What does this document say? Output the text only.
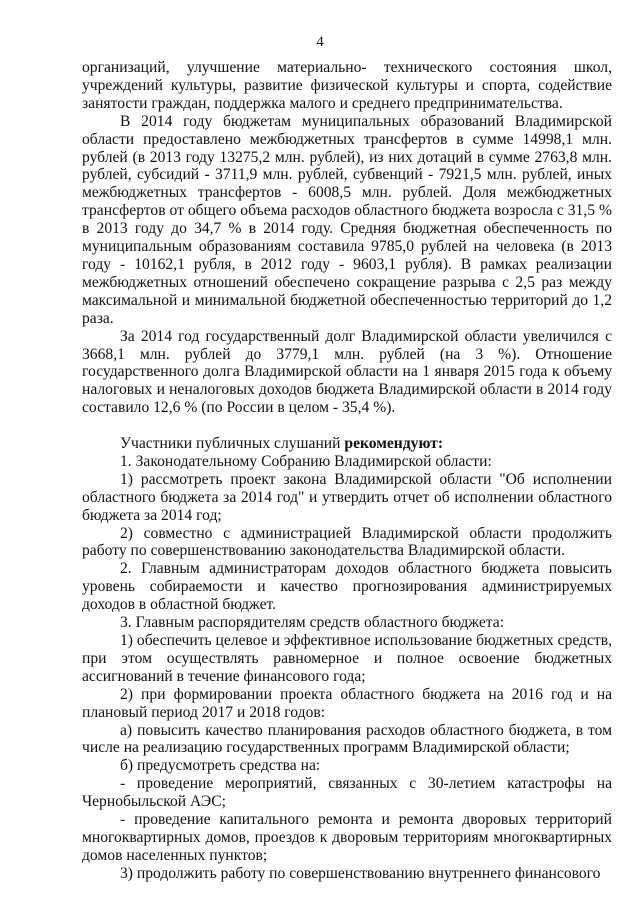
4

организаций, улучшение материально- технического состояния школ, учреждений культуры, развитие физической культуры и спорта, содействие занятости граждан, поддержка малого и среднего предпринимательства.

В 2014 году бюджетам муниципальных образований Владимирской области предоставлено межбюджетных трансфертов в сумме 14998,1 млн. рублей (в 2013 году 13275,2 млн. рублей), из них дотаций в сумме 2763,8 млн. рублей, субсидий - 3711,9 млн. рублей, субвенций - 7921,5 млн. рублей, иных межбюджетных трансфертов - 6008,5 млн. рублей. Доля межбюджетных трансфертов от общего объема расходов областного бюджета возросла с 31,5 % в 2013 году до 34,7 % в 2014 году. Средняя бюджетная обеспеченность по муниципальным образованиям составила 9785,0 рублей на человека (в 2013 году - 10162,1 рубля, в 2012 году - 9603,1 рубля). В рамках реализации межбюджетных отношений обеспечено сокращение разрыва с 2,5 раз между максимальной и минимальной бюджетной обеспеченностью территорий до 1,2 раза.

За 2014 год государственный долг Владимирской области увеличился с 3668,1 млн. рублей до 3779,1 млн. рублей (на 3 %). Отношение государственного долга Владимирской области на 1 января 2015 года к объему налоговых и неналоговых доходов бюджета Владимирской области в 2014 году составило 12,6 % (по России в целом - 35,4 %).

Участники публичных слушаний рекомендуют:

1. Законодательному Собранию Владимирской области:

1) рассмотреть проект закона Владимирской области "Об исполнении областного бюджета за 2014 год" и утвердить отчет об исполнении областного бюджета за 2014 год;

2) совместно с администрацией Владимирской области продолжить работу по совершенствованию законодательства Владимирской области.

2. Главным администраторам доходов областного бюджета повысить уровень собираемости и качество прогнозирования администрируемых доходов в областной бюджет.

3. Главным распорядителям средств областного бюджета:

1) обеспечить целевое и эффективное использование бюджетных средств, при этом осуществлять равномерное и полное освоение бюджетных ассигнований в течение финансового года;

2) при формировании проекта областного бюджета на 2016 год и на плановый период 2017 и 2018 годов:

а) повысить качество планирования расходов областного бюджета, в том числе на реализацию государственных программ Владимирской области;

б) предусмотреть средства на:

- проведение мероприятий, связанных с 30-летием катастрофы на Чернобыльской АЭС;

- проведение капитального ремонта и ремонта дворовых территорий многоквартирных домов, проездов к дворовым территориям многоквартирных домов населенных пунктов;

3) продолжить работу по совершенствованию внутреннего финансового
